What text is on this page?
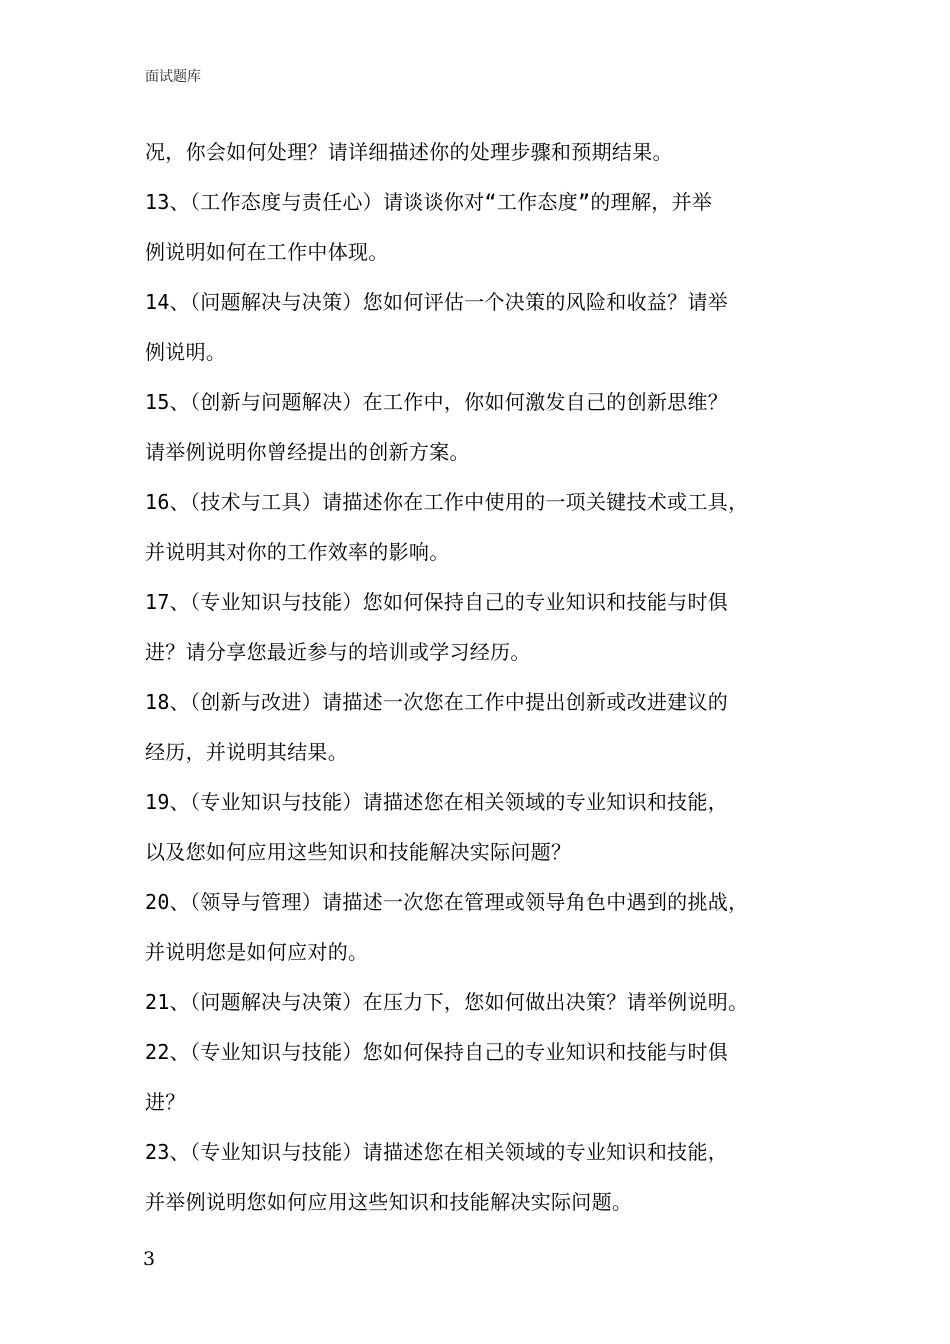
面试题库
况，你会如何处理？请详细描述你的处理步骤和预期结果。
13、（工作态度与责任心）请谈谈你对“工作态度”的理解，并举
例说明如何在工作中体现。
14、（问题解决与决策）您如何评估一个决策的风险和收益？请举
例说明。
15、（创新与问题解决）在工作中，你如何激发自己的创新思维？
请举例说明你曾经提出的创新方案。
16、（技术与工具）请描述你在工作中使用的一项关键技术或工具，
并说明其对你的工作效率的影响。
17、（专业知识与技能）您如何保持自己的专业知识和技能与时俱
进？请分享您最近参与的培训或学习经历。
18、（创新与改进）请描述一次您在工作中提出创新或改进建议的
经历，并说明其结果。
19、（专业知识与技能）请描述您在相关领域的专业知识和技能，
以及您如何应用这些知识和技能解决实际问题？
20、（领导与管理）请描述一次您在管理或领导角色中遇到的挑战，
并说明您是如何应对的。
21、（问题解决与决策）在压力下，您如何做出决策？请举例说明。
22、（专业知识与技能）您如何保持自己的专业知识和技能与时俱
进？
23、（专业知识与技能）请描述您在相关领域的专业知识和技能，
并举例说明您如何应用这些知识和技能解决实际问题。
3
